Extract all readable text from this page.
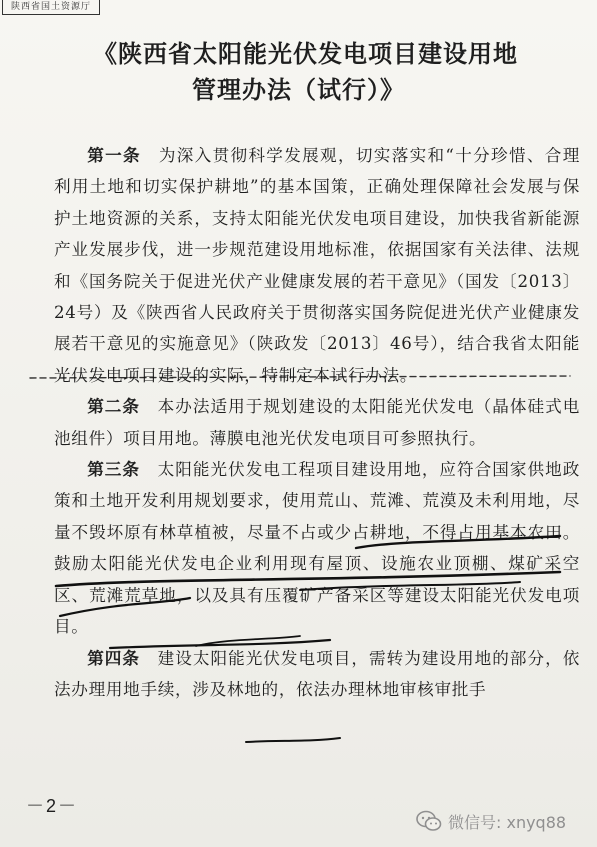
陕西省国土资源厅
《陕西省太阳能光伏发电项目建设用地
管理办法（试行）》

第一条　 为深入贯彻科学发展观，切实落实和“十分珍惜、合理利用土地和切实保护耕地”的基本国策，正确处理保障社会发展与保护土地资源的关系，支持太阳能光伏发电项目建设，加快我省新能源产业发展步伐，进一步规范建设用地标准，依据国家有关法律、法规和《国务院关于促进光伏产业健康发展的若干意见》（国发〔2013〕24号）及《陕西省人民政府关于贯彻落实国务院促进光伏产业健康发展若干意见的实施意见》（陕政发〔2013〕46号），结合我省太阳能光伏发电项目建设的实际，特制定本试行办法。

第二条　 本办法适用于规划建设的太阳能光伏发电（晶体硅式电池组件）项目用地。薄膜电池光伏发电项目可参照执行。

第三条　 太阳能光伏发电工程项目建设用地，应符合国家供地政策和土地开发利用规划要求，使用荒山、荒滩、荒漠及未利用地，尽量不毁坏原有林草植被，尽量不占或少占耕地，不得占用基本农田。鼓励太阳能光伏发电企业利用现有屋顶、设施农业顶棚、煤矿采空区、荒滩荒草地，以及具有压覆矿产备采区等建设太阳能光伏发电项目。

第四条　 建设太阳能光伏发电项目，需转为建设用地的部分，依法办理用地手续，涉及林地的，依法办理林地审核审批手

－2－
微信号: xnyq88
